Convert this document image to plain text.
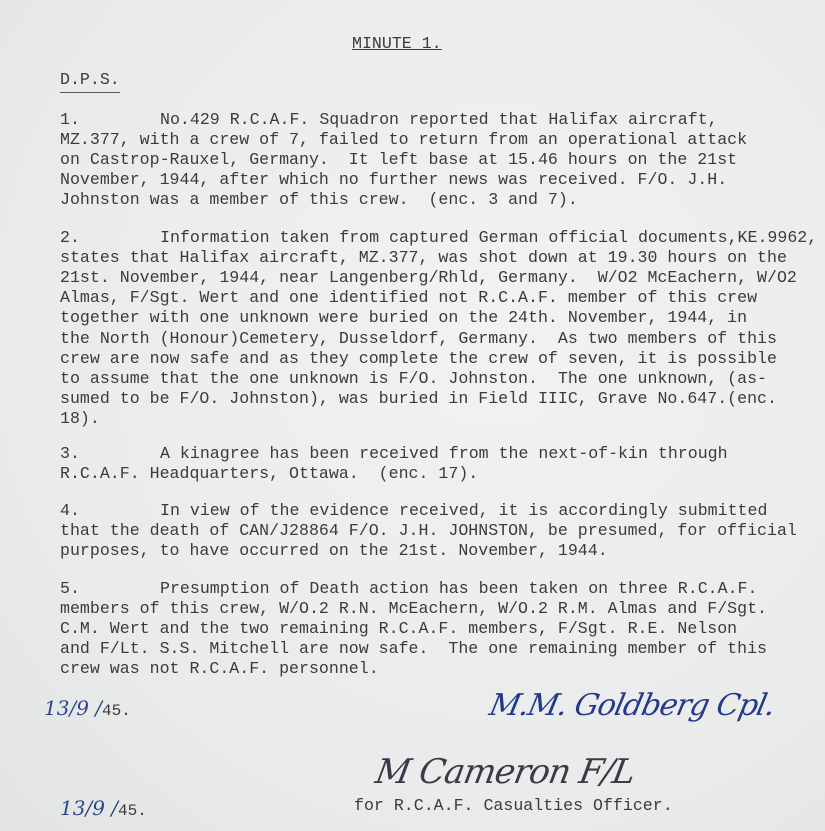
MINUTE 1.
D.P.S.
1.	No.429 R.C.A.F. Squadron reported that Halifax aircraft,
MZ.377, with a crew of 7, failed to return from an operational attack
on Castrop-Rauxel, Germany.  It left base at 15.46 hours on the 21st
November, 1944, after which no further news was received. F/O. J.H.
Johnston was a member of this crew.  (enc. 3 and 7).
2.	Information taken from captured German official documents,KE.9962,
states that Halifax aircraft, MZ.377, was shot down at 19.30 hours on the
21st. November, 1944, near Langenberg/Rhld, Germany.  W/O2 McEachern, W/O2
Almas, F/Sgt. Wert and one identified not R.C.A.F. member of this crew
together with one unknown were buried on the 24th. November, 1944, in
the North (Honour)Cemetery, Dusseldorf, Germany.  As two members of this
crew are now safe and as they complete the crew of seven, it is possible
to assume that the one unknown is F/O. Johnston.  The one unknown, (as-
sumed to be F/O. Johnston), was buried in Field IIIC, Grave No.647.(enc.
18).
3.	A kinagree has been received from the next-of-kin through
R.C.A.F. Headquarters, Ottawa.  (enc. 17).
4.	In view of the evidence received, it is accordingly submitted
that the death of CAN/J28864 F/O. J.H. JOHNSTON, be presumed, for official
purposes, to have occurred on the 21st. November, 1944.
5.	Presumption of Death action has been taken on three R.C.A.F.
members of this crew, W/O.2 R.N. McEachern, W/O.2 R.M. Almas and F/Sgt.
C.M. Wert and the two remaining R.C.A.F. members, F/Sgt. R.E. Nelson
and F/Lt. S.S. Mitchell are now safe.  The one remaining member of this
crew was not R.C.A.F. personnel.
13/9 /45.	M.M. Goldberg Cpl.
M Cameron F/L
13/9 /45.	for R.C.A.F. Casualties Officer.
